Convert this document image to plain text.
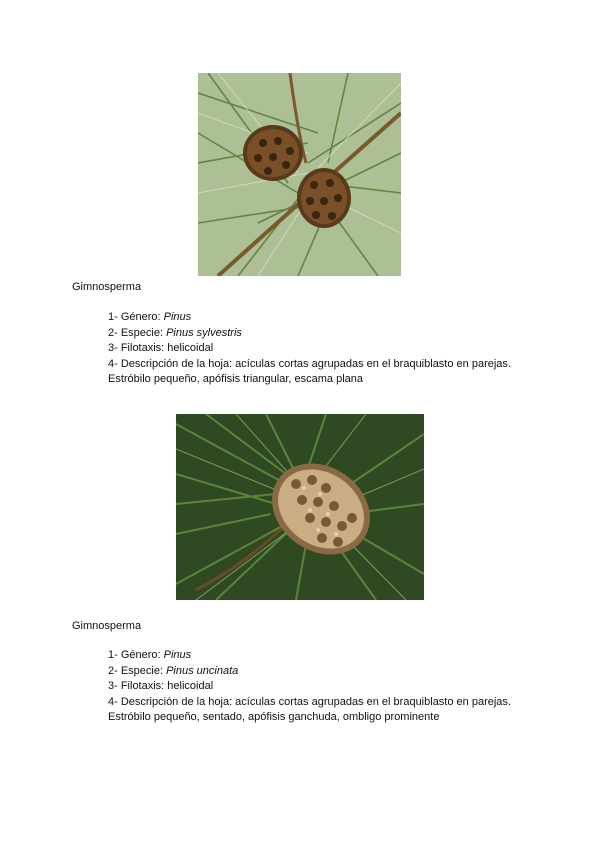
Gimnosperma
1- Género: Pinus
2- Especie: Pinus sylvestris
3- Filotaxis: helicoidal
4- Descripción de la hoja: acículas cortas agrupadas en el braquiblasto en parejas.
Estróbilo pequeño, apófisis triangular, escama plana
Gimnosperma
1- Género: Pinus
2- Especie: Pinus uncinata
3- Filotaxis: helicoidal
4- Descripción de la hoja: acículas cortas agrupadas en el braquiblasto en parejas.
Estróbilo pequeño, sentado, apófisis ganchuda, ombligo prominente
